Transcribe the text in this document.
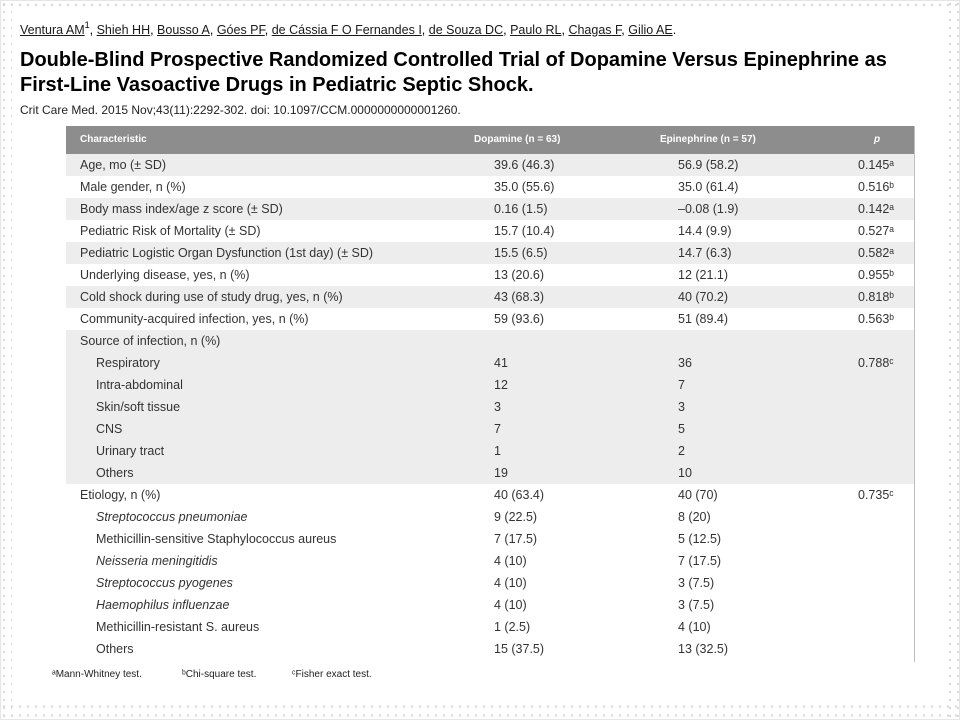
Ventura $AM^1$, Shieh HH, Bousso A, Góes PF, de Cássia F O Fernandes I, de Souza DC, Paulo RL, Chagas F, Gilio AE.
Double-Blind Prospective Randomized Controlled Trial of Dopamine Versus Epinephrine as First-Line Vasoactive Drugs in Pediatric Septic Shock.
Crit Care Med. 2015 Nov;43(11):2292-302. doi: 10.1097/CCM.0000000000001260.
Characteristic	Dopamine (n = 63)	Epinephrine (n = 57)	p
Age, mo (± SD)	39.6 (46.3)	56.9 (58.2)	0.145ᵃ
Male gender, n (%)	35.0 (55.6)	35.0 (61.4)	0.516ᵇ
Body mass index/age z score (± SD)	0.16 (1.5)	–0.08 (1.9)	0.142ᵃ
Pediatric Risk of Mortality (± SD)	15.7 (10.4)	14.4 (9.9)	0.527ᵃ
Pediatric Logistic Organ Dysfunction (1st day) (± SD)	15.5 (6.5)	14.7 (6.3)	0.582ᵃ
Underlying disease, yes, n (%)	13 (20.6)	12 (21.1)	0.955ᵇ
Cold shock during use of study drug, yes, n (%)	43 (68.3)	40 (70.2)	0.818ᵇ
Community-acquired infection, yes, n (%)	59 (93.6)	51 (89.4)	0.563ᵇ
Source of infection, n (%)
Respiratory	41	36	0.788ᶜ
Intra-abdominal	12	7
Skin/soft tissue	3	3
CNS	7	5
Urinary tract	1	2
Others	19	10
Etiology, n (%)	40 (63.4)	40 (70)	0.735ᶜ
Streptococcus pneumoniae	9 (22.5)	8 (20)
Methicillin-sensitive Staphylococcus aureus	7 (17.5)	5 (12.5)
Neisseria meningitidis	4 (10)	7 (17.5)
Streptococcus pyogenes	4 (10)	3 (7.5)
Haemophilus influenzae	4 (10)	3 (7.5)
Methicillin-resistant S. aureus	1 (2.5)	4 (10)
Others	15 (37.5)	13 (32.5)
ᵃMann-Whitney test.	ᵇChi-square test.	ᶜFisher exact test.
